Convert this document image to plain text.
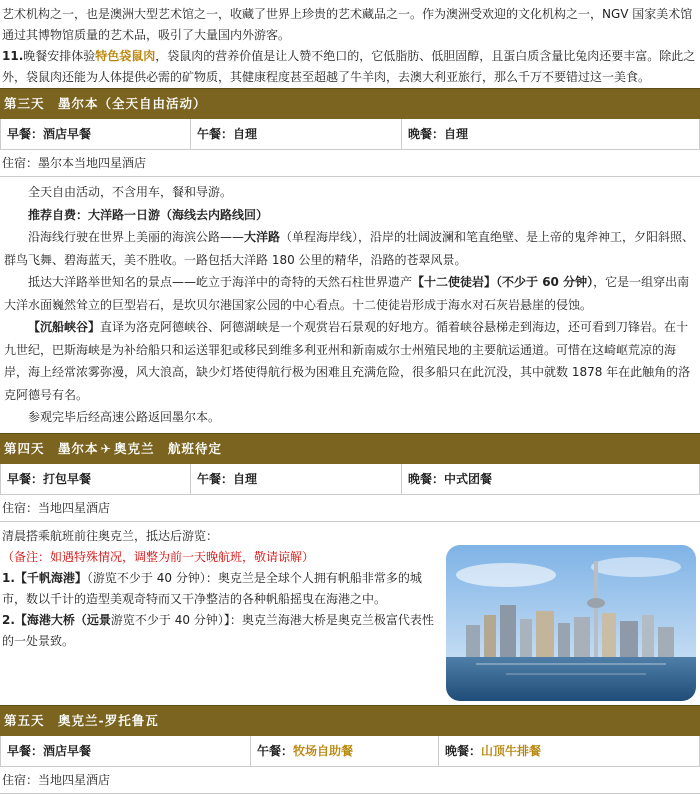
艺术机构之一，也是澳洲大型艺术馆之一，收藏了世界上珍贵的艺术藏品之一。作为澳洲受欢迎的文化机构之一，NGV 国家美术馆通过其博物馆质量的艺术品，吸引了大量国内外游客。
11.晚餐安排体验特色袋鼠肉，袋鼠肉的营养价值是让人赞不绝口的，它低脂肪、低胆固醇，且蛋白质含量比兔肉还要丰富。除此之外，袋鼠肉还能为人体提供必需的矿物质，其健康程度甚至超越了牛羊肉，去澳大利亚旅行，那么千万不要错过这一美食。
第三天　墨尔本（全天自由活动）
早餐：酒店早餐	午餐：自理	晚餐：自理
住宿：墨尔本当地四星酒店
全天自由活动，不含用车，餐和导游。
推荐自费：大洋路一日游（海线去内路线回）
沿海线行驶在世界上美丽的海滨公路——大洋路（单程海岸线），沿岸的壮阔波澜和笔直绝壁、是上帝的鬼斧神工，夕阳斜照、群鸟飞舞、碧海蓝天，美不胜收。一路包括大洋路 180 公里的精华，沿路的苍翠风景。
抵达大洋路举世知名的景点——屹立于海洋中的奇特的天然石柱世界遗产【十二使徒岩】（不少于 60 分钟），它是一组穿出南大洋水面巍然耸立的巨型岩石，是坎贝尔港国家公园的中心看点。十二使徒岩形成于海水对石灰岩悬崖的侵蚀。
【沉船峡谷】直译为洛克阿德峡谷、阿德湖峡是一个观赏岩石景观的好地方。循着峡谷悬梯走到海边，还可看到刀锋岩。在十九世纪，巴斯海峡是为补给船只和运送罪犯或移民到维多利亚州和新南威尔士州殖民地的主要航运通道。可惜在这崎岖荒凉的海岸，海上经常浓雾弥漫，风大浪高，缺少灯塔使得航行极为困难且充满危险，很多船只在此沉没，其中就数 1878 年在此触角的洛克阿德号有名。
参观完毕后经高速公路返回墨尔本。
第四天　墨尔本 ✈ 奥克兰　航班待定
早餐：打包早餐	午餐：自理	晚餐：中式团餐
住宿：当地四星酒店
清晨搭乘航班前往奥克兰，抵达后游览：
（备注：如遇特殊情况，调整为前一天晚航班，敬请谅解）
1.【千帆海港】（游览不少于 40 分钟）：奥克兰是全球个人拥有帆船非常多的城市，数以千计的造型美观奇特而又干净整洁的各种帆船摇曳在海港之中。
2.【海港大桥（远景游览不少于 40 分钟）】：奥克兰海港大桥是奥克兰极富代表性的一处景致。
第五天　奥克兰-罗托鲁瓦
早餐：酒店早餐	午餐：牧场自助餐	晚餐：山顶牛排餐
住宿：当地四星酒店
